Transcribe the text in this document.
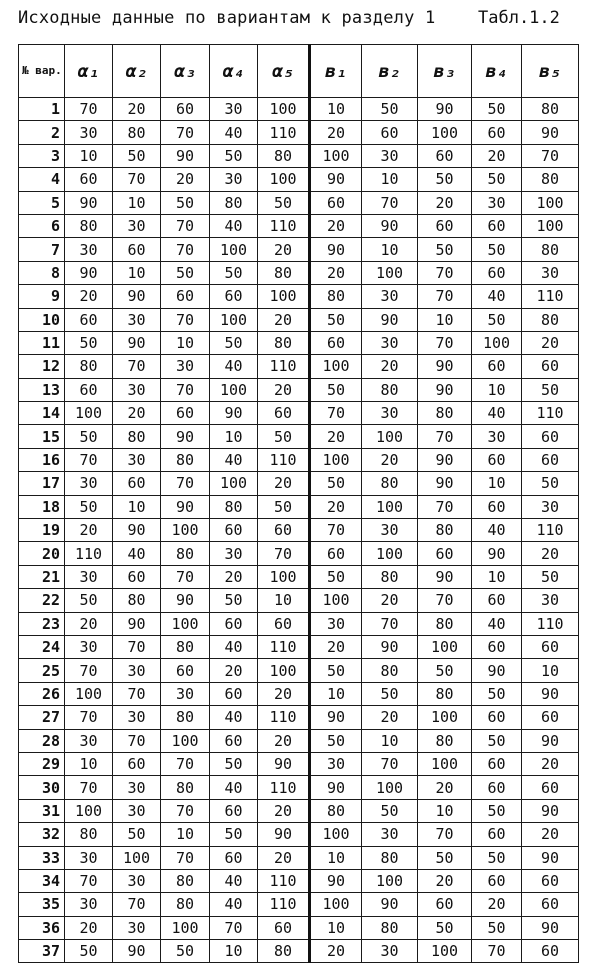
Исходные данные по вариантам к разделу 1	Табл.1.2
№ вар.	α₁	α₂	α₃	α₄	α₅	в₁	в₂	в₃	в₄	в₅
1	70	20	60	30	100	10	50	90	50	80
2	30	80	70	40	110	20	60	100	60	90
3	10	50	90	50	80	100	30	60	20	70
4	60	70	20	30	100	90	10	50	50	80
5	90	10	50	80	50	60	70	20	30	100
6	80	30	70	40	110	20	90	60	60	100
7	30	60	70	100	20	90	10	50	50	80
8	90	10	50	50	80	20	100	70	60	30
9	20	90	60	60	100	80	30	70	40	110
10	60	30	70	100	20	50	90	10	50	80
11	50	90	10	50	80	60	30	70	100	20
12	80	70	30	40	110	100	20	90	60	60
13	60	30	70	100	20	50	80	90	10	50
14	100	20	60	90	60	70	30	80	40	110
15	50	80	90	10	50	20	100	70	30	60
16	70	30	80	40	110	100	20	90	60	60
17	30	60	70	100	20	50	80	90	10	50
18	50	10	90	80	50	20	100	70	60	30
19	20	90	100	60	60	70	30	80	40	110
20	110	40	80	30	70	60	100	60	90	20
21	30	60	70	20	100	50	80	90	10	50
22	50	80	90	50	10	100	20	70	60	30
23	20	90	100	60	60	30	70	80	40	110
24	30	70	80	40	110	20	90	100	60	60
25	70	30	60	20	100	50	80	50	90	10
26	100	70	30	60	20	10	50	80	50	90
27	70	30	80	40	110	90	20	100	60	60
28	30	70	100	60	20	50	10	80	50	90
29	10	60	70	50	90	30	70	100	60	20
30	70	30	80	40	110	90	100	20	60	60
31	100	30	70	60	20	80	50	10	50	90
32	80	50	10	50	90	100	30	70	60	20
33	30	100	70	60	20	10	80	50	50	90
34	70	30	80	40	110	90	100	20	60	60
35	30	70	80	40	110	100	90	60	20	60
36	20	30	100	70	60	10	80	50	50	90
37	50	90	50	10	80	20	30	100	70	60
